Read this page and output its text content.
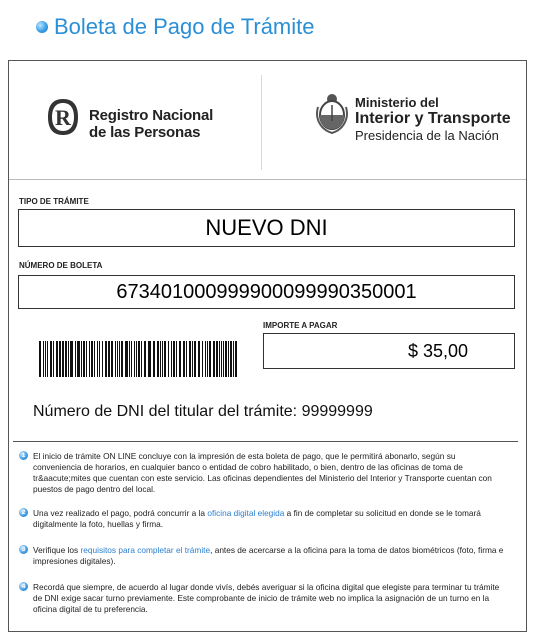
Boleta de Pago de Trámite
R Registro Nacional
de las Personas
Ministerio del
Interior y Transporte
Presidencia de la Nación
TIPO DE TRÁMITE
NUEVO DNI
NÚMERO DE BOLETA
673401000999900099990350001
IMPORTE A PAGAR
$ 35,00
Número de DNI del titular del trámite: 99999999
1 El inicio de trámite ON LINE concluye con la impresión de esta boleta de pago, que le permitirá abonarlo, según su conveniencia de horarios, en cualquier banco o entidad de cobro habilitado, o bien, dentro de las oficinas de toma de tr&aacute;mites que cuentan con este servicio. Las oficinas dependientes del Ministerio del Interior y Transporte cuentan con puestos de pago dentro del local.
2 Una vez realizado el pago, podrá concurrir a la oficina digital elegida a fin de completar su solicitud en donde se le tomará digitalmente la foto, huellas y firma.
3 Verifique los requisitos para completar el trámite, antes de acercarse a la oficina para la toma de datos biométricos (foto, firma e impresiones digitales).
4 Recordá que siempre, de acuerdo al lugar donde vivís, debés averiguar si la oficina digital que elegiste para terminar tu trámite de DNI exige sacar turno previamente. Este comprobante de inicio de trámite web no implica la asignación de un turno en la oficina digital de tu preferencia.
